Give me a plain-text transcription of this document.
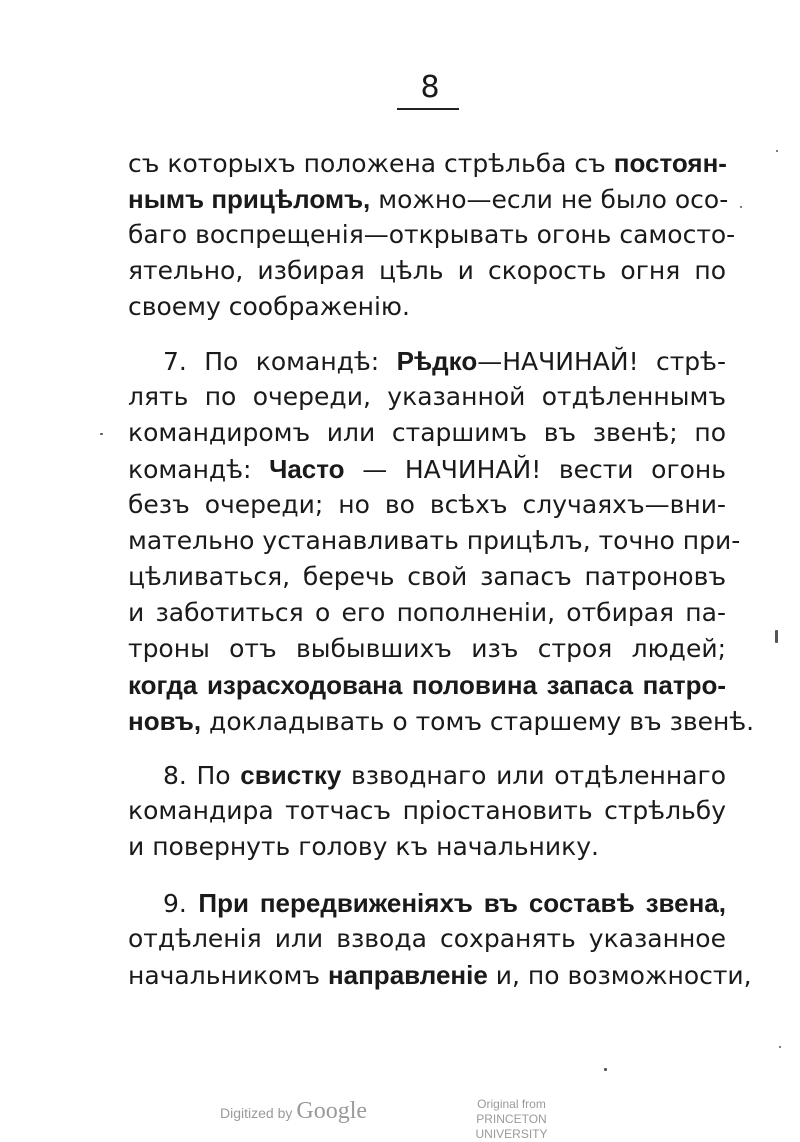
8
съ которыхъ положена стрѣльба съ постоян-
нымъ прицѣломъ, можно—если не было осо-
баго воспрещенія—открывать огонь самосто-
ятельно, избирая цѣль и скорость огня по
своему соображенію.
7. По командѣ: Рѣдко—НАЧИНАЙ! стрѣ-
лять по очереди, указанной отдѣленнымъ
командиромъ или старшимъ въ звенѣ; по
командѣ: Часто — НАЧИНАЙ! вести огонь
безъ очереди; но во всѣхъ случаяхъ—вни-
мательно устанавливать прицѣлъ, точно при-
цѣливаться, беречь свой запасъ патроновъ
и заботиться о его пополненіи, отбирая па-
троны отъ выбывшихъ изъ строя людей;
когда израсходована половина запаса патро-
новъ, докладывать о томъ старшему въ звенѣ.
8. По свистку взводнаго или отдѣленнаго
командира тотчасъ пріостановить стрѣльбу
и повернуть голову къ начальнику.
9. При передвиженіяхъ въ составѣ звена,
отдѣленія или взвода сохранять указанное
начальникомъ направленіе и, по возможности,
Digitized by Google	Original from
PRINCETON UNIVERSITY
